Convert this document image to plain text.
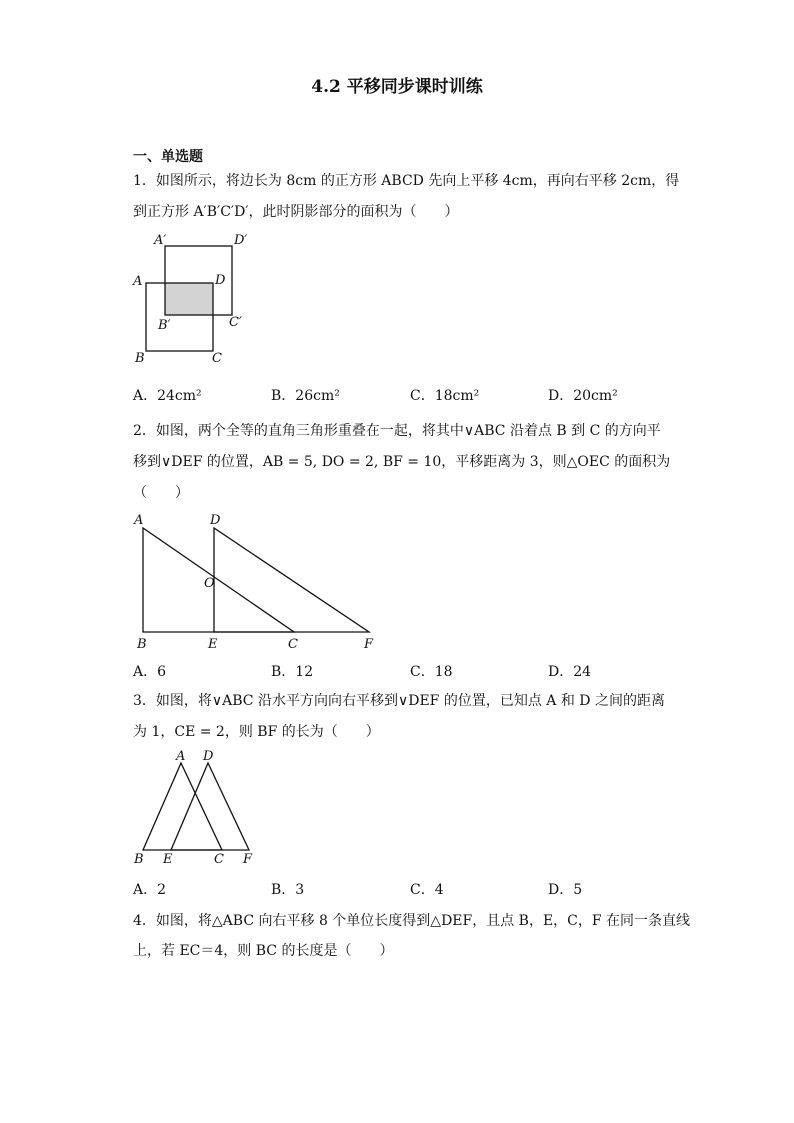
4.2 平移同步课时训练
一、单选题
1．如图所示，将边长为 8cm 的正方形 ABCD 先向上平移 4cm，再向右平移 2cm，得
到正方形 A′B′C′D′，此时阴影部分的面积为（　　）
A′	D′
A	D
B′	C′
B	C
A．24cm²	B．26cm²	C．18cm²	D．20cm²
2．如图，两个全等的直角三角形重叠在一起，将其中∨ABC 沿着点 B 到 C 的方向平
移到∨DEF 的位置，AB = 5, DO = 2, BF = 10，平移距离为 3，则△OEC 的面积为
（　　）
A	D
O
B	E	C	F
A．6	B．12	C．18	D．24
3．如图，将∨ABC 沿水平方向向右平移到∨DEF 的位置，已知点 A 和 D 之间的距离
为 1，CE = 2，则 BF 的长为（　　）
A D
B E	C F
A．2	B．3	C．4	D．5
4．如图，将△ABC 向右平移 8 个单位长度得到△DEF，且点 B，E，C，F 在同一条直线
上，若 EC＝4，则 BC 的长度是（　　）
